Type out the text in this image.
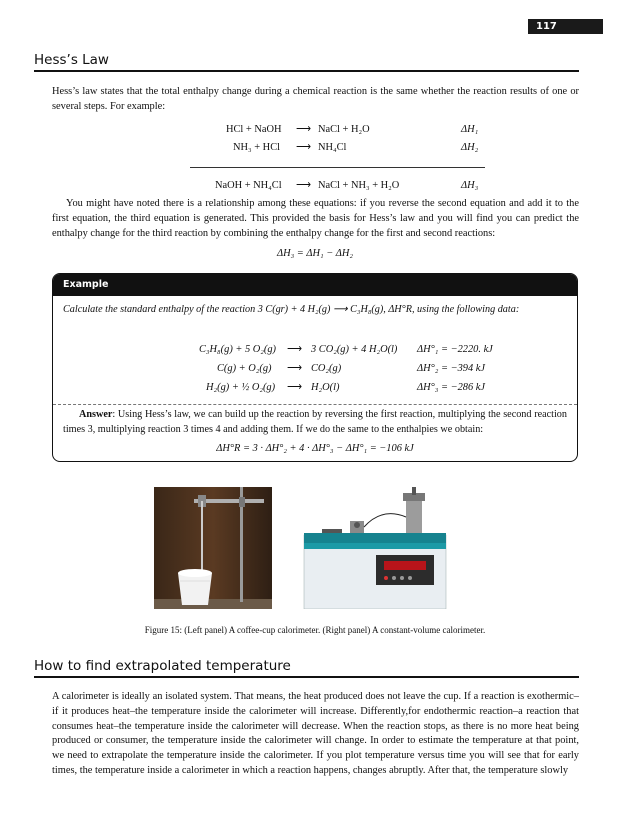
117
Hess’s Law

Hess’s law states that the total enthalpy change during a chemical reaction is the same whether the reaction results of one or several steps. For example:

HCl + NaOH	⟶ NaCl + H₂O	ΔH₁
NH₃ + HCl ⟶ NH₄Cl	ΔH₂
NaOH + NH₄Cl ⟶ NaCl + NH₃ + H₂O	ΔH₃

You might have noted there is a relationship among these equations: if you reverse the second equation and add it to the first equation, the third equation is generated. This provided the basis for Hess’s law and you will find you can predict the enthalpy change for the third reaction by combining the enthalpy change for the first and second reactions:

ΔH₃ = ΔH₁ − ΔH₂
Example
Calculate the standard enthalpy of the reaction 3 C(gr) + 4 H₂(g) ⟶ C₃H₈(g), ΔH°R, using the following data:
C₃H₈(g) + 5 O₂(g) ⟶ 3 CO₂(g) + 4 H₂O(l) ΔH°₁ = −2220. kJ
C(g) + O₂(g) ⟶ CO₂(g)	ΔH°₂ = −394 kJ
H₂(g) + ½ O₂(g) ⟶ H₂O(l)	ΔH°₃ = −286 kJ

Answer: Using Hess’s law, we can build up the reaction by reversing the first reaction, multiplying the second reaction times 3, multiplying reaction 3 times 4 and adding them. If we do the same to the enthalpies we obtain:

ΔH°R = 3 · ΔH°₂ + 4 · ΔH°₃ − ΔH°₁ = −106 kJ
Figure 15: (Left panel) A coffee-cup calorimeter. (Right panel) A constant-volume calorimeter.
How to find extrapolated temperature

A calorimeter is ideally an isolated system. That means, the heat produced does not leave the cup. If a reaction is exothermic–if it produces heat–the temperature inside the calorimeter will increase. Differently,for endothermic reaction–a reaction that consumes heat–the temperature inside the calorimeter will decrease. When the reaction stops, as there is no more heat being produced or consumer, the temperature inside the calorimeter will change. In order to estimate the temperature at that point, we need to extrapolate the temperature inside the calorimeter. If you plot temperature versus time you will see that for early times, the temperature inside a calorimeter in which a reaction happens, changes abruptly. After that, the temperature slowly
